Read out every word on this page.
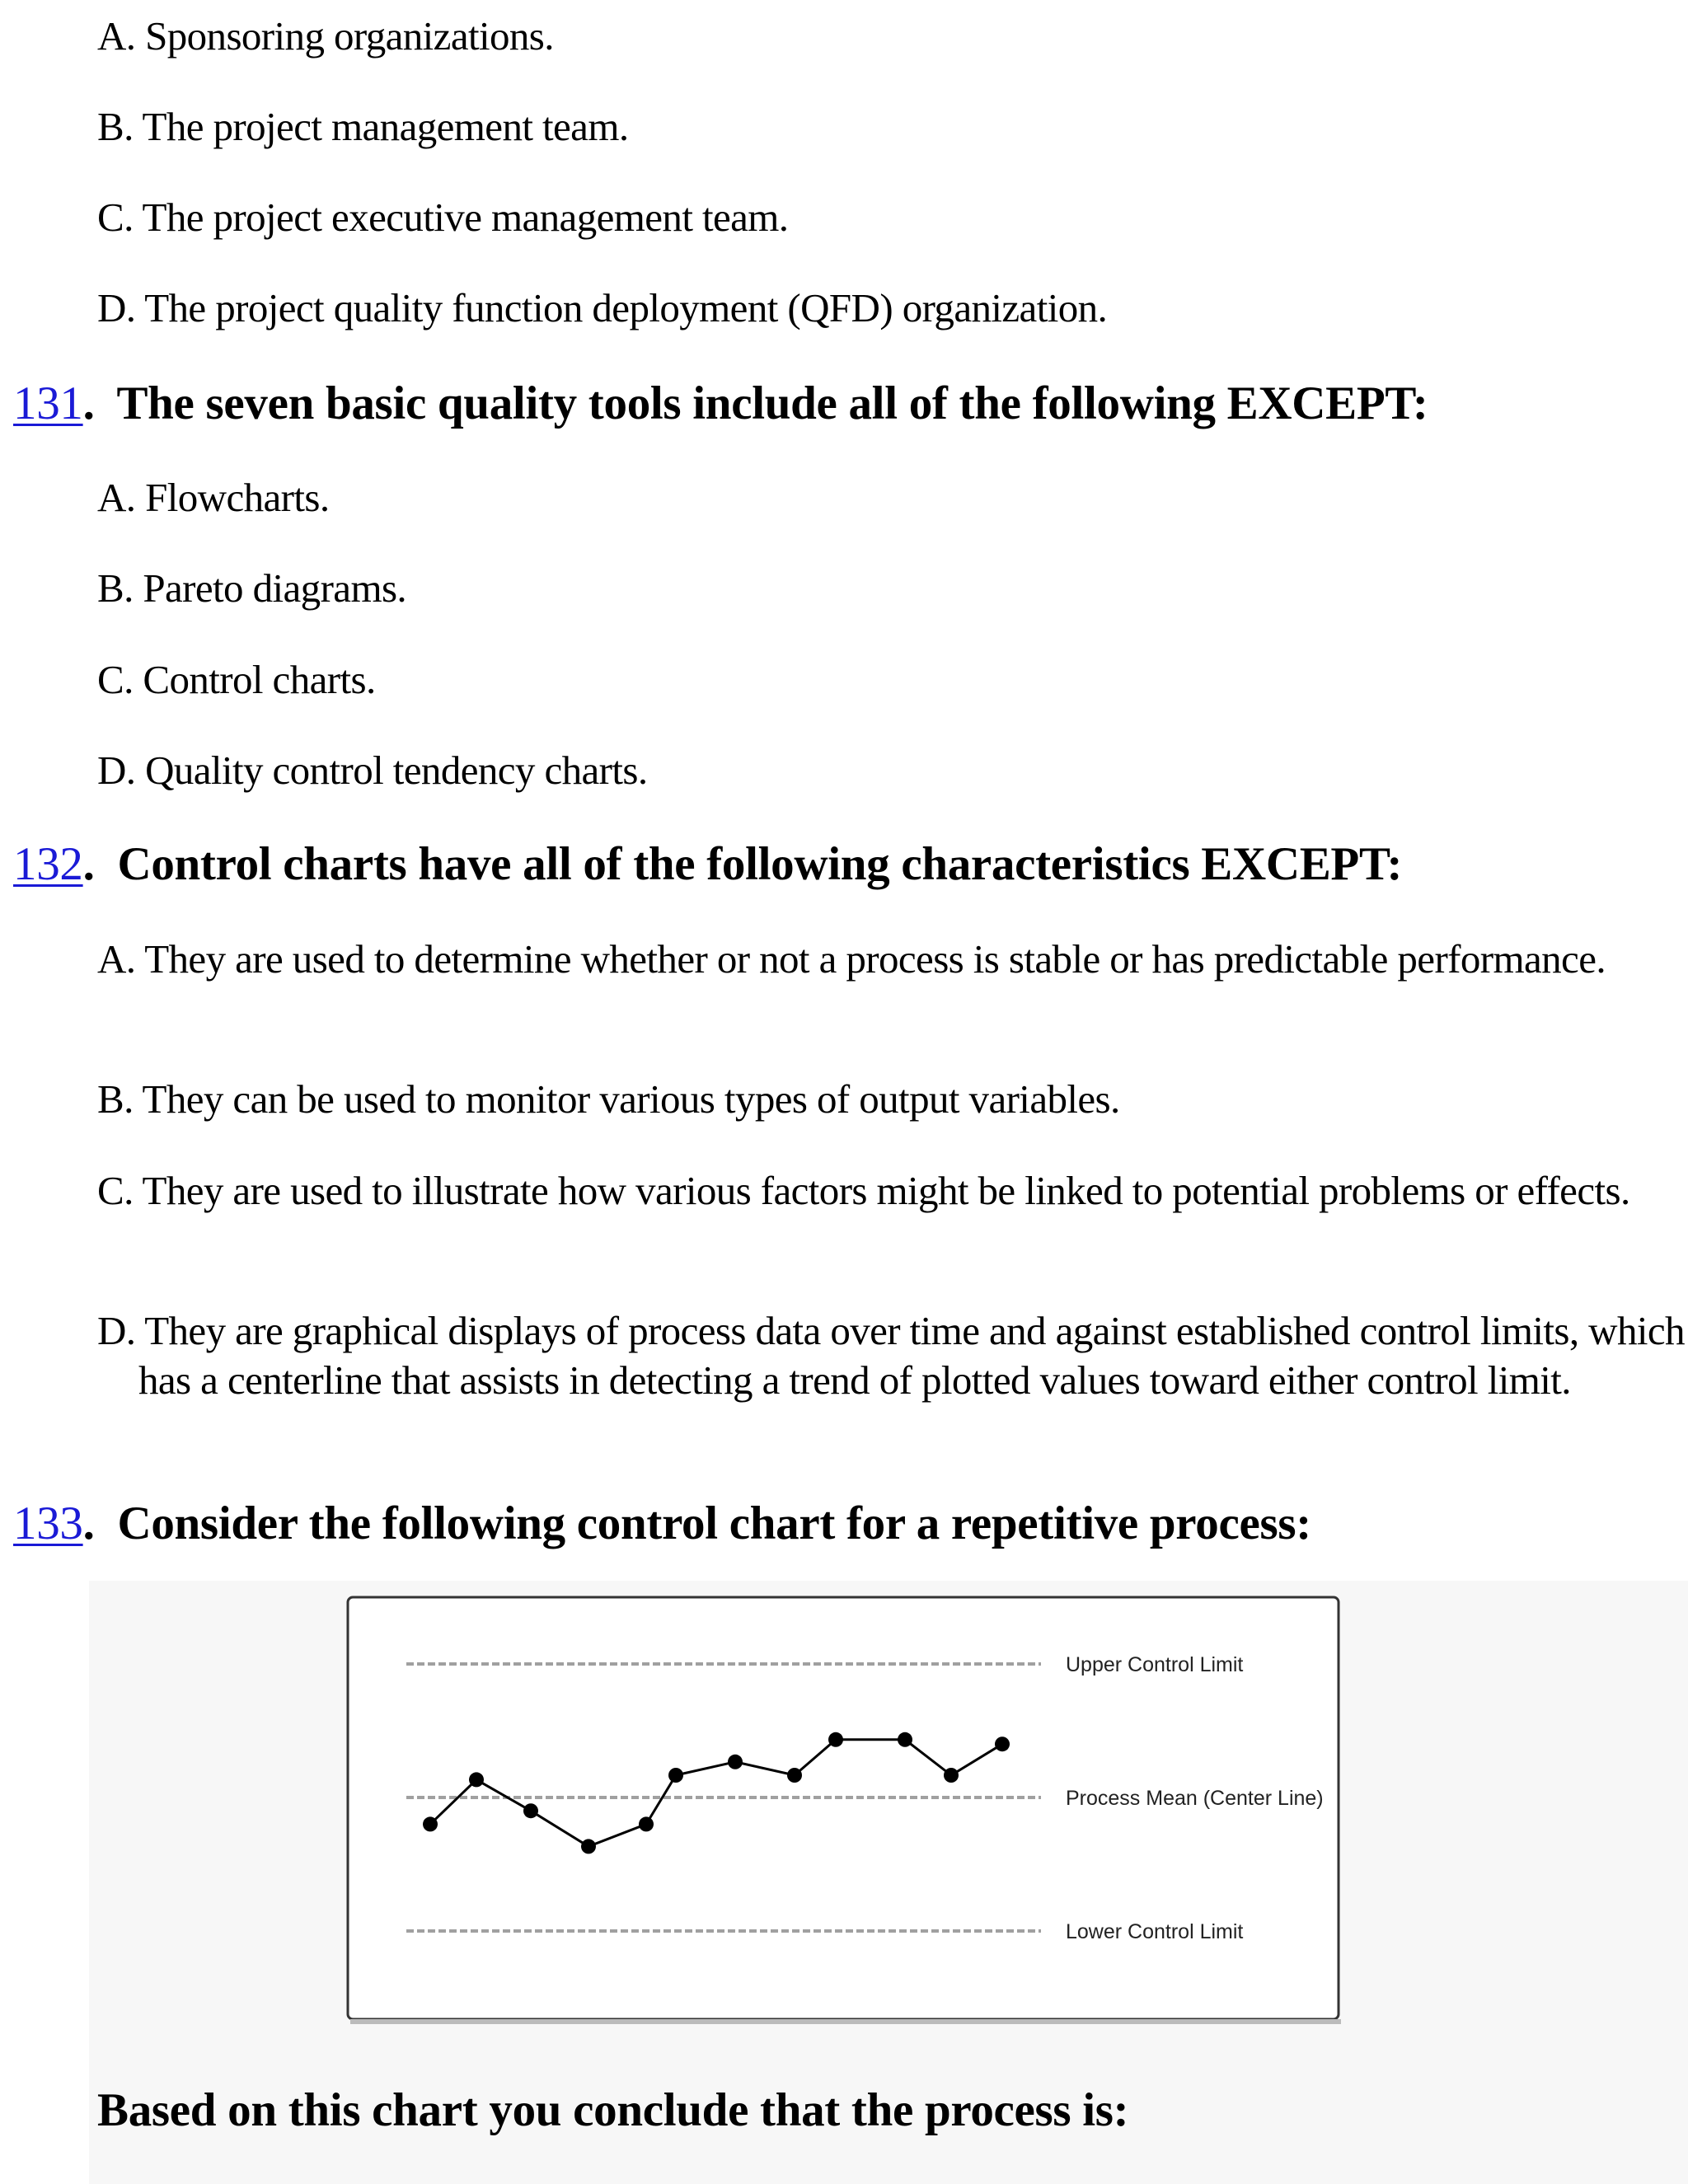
A. Sponsoring organizations.
B. The project management team.
C. The project executive management team.
D. The project quality function deployment (QFD) organization.
131. The seven basic quality tools include all of the following EXCEPT:
A. Flowcharts.
B. Pareto diagrams.
C. Control charts.
D. Quality control tendency charts.
132. Control charts have all of the following characteristics EXCEPT:
A. They are used to determine whether or not a process is stable or has predictable performance.
B. They can be used to monitor various types of output variables.
C. They are used to illustrate how various factors might be linked to potential problems or effects.
D. They are graphical displays of process data over time and against established control limits, which has a centerline that assists in detecting a trend of plotted values toward either control limit.
133. Consider the following control chart for a repetitive process:
Upper Control Limit
Process Mean (Center Line)
Lower Control Limit
Based on this chart you conclude that the process is:
